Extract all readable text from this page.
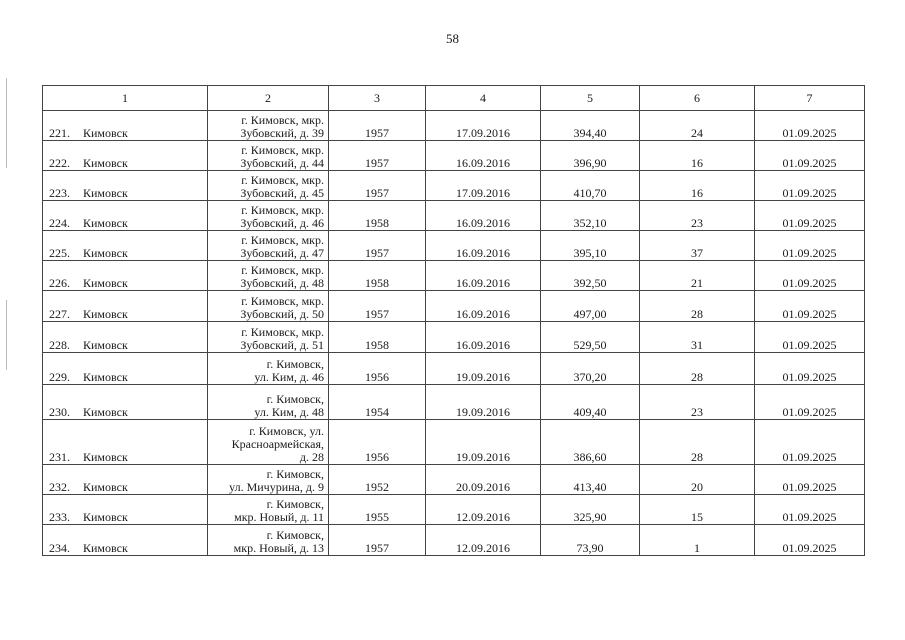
58
1	2	3	4	5	6	7
221. Кимовск	г. Кимовск, мкр.
Зубовский, д. 39	1957	17.09.2016	394,40	24	01.09.2025
222. Кимовск	г. Кимовск, мкр.
Зубовский, д. 44	1957	16.09.2016	396,90	16	01.09.2025
223. Кимовск	г. Кимовск, мкр.
Зубовский, д. 45	1957	17.09.2016	410,70	16	01.09.2025
224. Кимовск	г. Кимовск, мкр.
Зубовский, д. 46	1958	16.09.2016	352,10	23	01.09.2025
225. Кимовск	г. Кимовск, мкр.
Зубовский, д. 47	1957	16.09.2016	395,10	37	01.09.2025
226. Кимовск	г. Кимовск, мкр.
Зубовский, д. 48	1958	16.09.2016	392,50	21	01.09.2025
227. Кимовск	г. Кимовск, мкр.
Зубовский, д. 50	1957	16.09.2016	497,00	28	01.09.2025
228. Кимовск	г. Кимовск, мкр.
Зубовский, д. 51	1958	16.09.2016	529,50	31	01.09.2025
229. Кимовск	г. Кимовск,
ул. Ким, д. 46	1956	19.09.2016	370,20	28	01.09.2025
230. Кимовск	г. Кимовск,
ул. Ким, д. 48	1954	19.09.2016	409,40	23	01.09.2025
231. Кимовск	г. Кимовск, ул.
Красноармейская,
д. 28	1956	19.09.2016	386,60	28	01.09.2025
232. Кимовск	г. Кимовск,
ул. Мичурина, д. 9	1952	20.09.2016	413,40	20	01.09.2025
233. Кимовск	г. Кимовск,
мкр. Новый, д. 11	1955	12.09.2016	325,90	15	01.09.2025
234. Кимовск	г. Кимовск,
мкр. Новый, д. 13	1957	12.09.2016	73,90	1	01.09.2025
